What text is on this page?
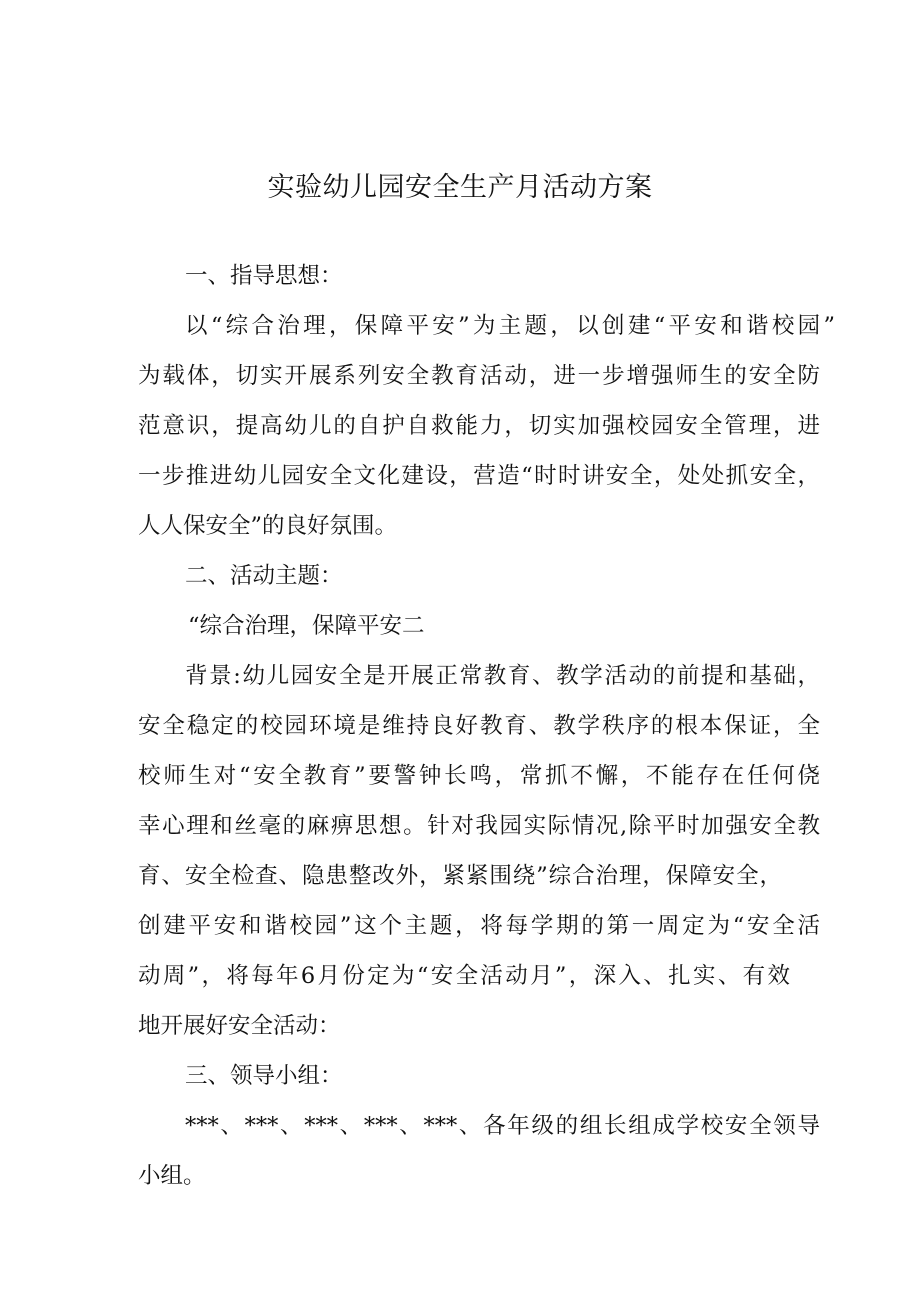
实验幼儿园安全生产月活动方案
一、指导思想：
以“综合治理，保障平安”为主题，以创建“平安和谐校园”
为载体，切实开展系列安全教育活动，进一步增强师生的安全防
范意识，提高幼儿的自护自救能力，切实加强校园安全管理，进
一步推进幼儿园安全文化建设，营造“时时讲安全，处处抓安全，
人人保安全”的良好氛围。
二、活动主题：
“综合治理，保障平安二
背景:幼儿园安全是开展正常教育、教学活动的前提和基础，
安全稳定的校园环境是维持良好教育、教学秩序的根本保证，全
校师生对“安全教育”要警钟长鸣，常抓不懈，不能存在任何侥
幸心理和丝毫的麻痹思想。针对我园实际情况,除平时加强安全教
育、安全检查、隐患整改外，紧紧围绕”综合治理，保障安全，
创建平安和谐校园”这个主题，将每学期的第一周定为“安全活
动周”，将每年6月份定为“安全活动月”，深入、扎实、有效
地开展好安全活动：
三、领导小组：
***、***、***、***、***、各年级的组长组成学校安全领导
小组。
